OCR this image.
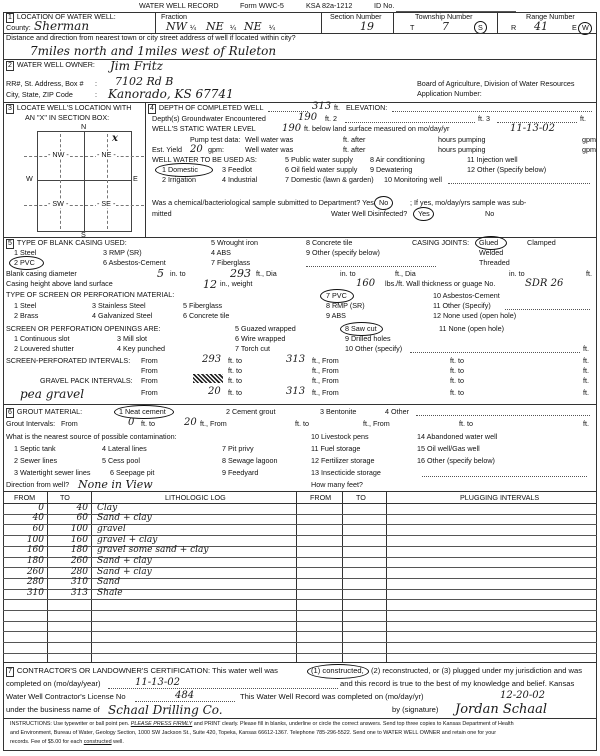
WATER WELL RECORD	Form WWC-5	KSA 82a-1212	ID No.
1 LOCATION OF WATER WELL:
County: Sherman
Fraction
NW ¼ NE ¼ NE ¼
Section Number
19
Township Number
T	7	S
Range Number
R 41	E W
Distance and direction from nearest town or city street address of well if located within city?
7miles north and 1miles west of Ruleton
2 WATER WELL OWNER: Jim Fritz
RR#, St. Address, Box # : 7102 Rd B
City, State, ZIP Code	: Kanorado, KS 67741
Board of Agriculture, Division of Water Resources
Application Number:
3 LOCATE WELL'S LOCATION WITH
AN "X" IN SECTION BOX:
N
S
W	E
- NW -	- NE -
- SW -	- SE -
x
4 DEPTH OF COMPLETED WELL	313 ft. ELEVATION:
Depth(s) Groundwater Encountered	190 ft. 2	ft. 3	ft.
WELL'S STATIC WATER LEVEL	190 ft. below land surface measured on mo/day/yr	11-13-02
Pump test data: Well water was	ft. after	hours pumping	gpm
Est. Yield 20 gpm:	Well water was	ft. after	hours pumping	gpm
WELL WATER TO BE USED AS:	5 Public water supply 8 Air conditioning	11 Injection well
1 Domestic	3 Feedlot	6 Oil field water supply 9 Dewatering	12 Other (Specify below)
2 Irrigation	4 Industrial	7 Domestic (lawn & garden) 10 Monitoring well
Was a chemical/bacteriological sample submitted to Department? Yes No	; If yes, mo/day/yrs sample was sub-
mitted	Water Well Disinfected? Yes	No
5 TYPE OF BLANK CASING USED:	5 Wrought iron	8 Concrete tile	CASING JOINTS: Glued	Clamped
1 Steel	3 RMP (SR)	4 ABS	9 Other (specify below)	Welded
2 PVC	6 Asbestos-Cement	7 Fiberglass	Threaded
Blank casing diameter	5 in. to	293 ft., Dia	in. to	ft., Dia	in. to	ft.
Casing height above land surface	12 in., weight	160 lbs./ft. Wall thickness or guage No.	SDR 26
TYPE OF SCREEN OR PERFORATION MATERIAL:	7 PVC	10 Asbestos-Cement
1 Steel	3 Stainless Steel	5 Fiberglass	8 RMP (SR)	11 Other (Specify)
2 Brass	4 Galvanized Steel	6 Concrete tile	9 ABS	12 None used (open hole)
SCREEN OR PERFORATION OPENINGS ARE:	5 Guazed wrapped	8 Saw cut	11 None (open hole)
1 Continuous slot	3 Mill slot	6 Wire wrapped	9 Drilled holes
2 Louvered shutter	4 Key punched	7 Torch cut	10 Other (specify)	ft.
SCREEN-PERFORATED INTERVALS: From	293 ft. to	313 ft., From	ft. to	ft.
From	ft. to	ft., From	ft. to	ft.
GRAVEL PACK INTERVALS: From	ft. to	ft., From	ft. to	ft.
pea gravel	From	20 ft. to	313 ft., From	ft. to	ft.
6 GROUT MATERIAL:	1 Neat cement	2 Cement grout	3 Bentonite	4 Other
Grout Intervals: From	0 ft. to	20 ft., From	ft. to	ft., From	ft. to	ft.
What is the nearest source of possible contamination:	10 Livestock pens	14 Abandoned water well
1 Septic tank	4 Lateral lines	7 Pit privy	11 Fuel storage	15 Oil well/Gas well
2 Sewer lines	5 Cess pool	8 Sewage lagoon	12 Fertilizer storage	16 Other (specify below)
3 Watertight sewer lines	6 Seepage pit	9 Feedyard	13 Insecticide storage
Direction from well? None in View	How many feet?
FROM	TO	LITHOLOGIC LOG	FROM	TO	PLUGGING INTERVALS
0	40 Clay
40	60 Sand + clay
60	100 gravel
100	160 gravel + clay
160	180 gravel some sand + clay
180	260 Sand + clay
260	280 Sand + clay
280	310 Sand
310	313 Shale
7 CONTRACTOR'S OR LANDOWNER'S CERTIFICATION: This water well was	(1) constructed, (2) reconstructed, or (3) plugged under my jurisdiction and was
completed on (mo/day/year)	11-13-02	and this record is true to the best of my knowledge and belief. Kansas
Water Well Contractor's License No	484	This Water Well Record was completed on (mo/day/yr)	12-20-02
under the business name of Schaal Drilling Co.	by (signature) Jordan Schaal
INSTRUCTIONS: Use typewriter or ball point pen. PLEASE PRESS FIRMLY and PRINT clearly. Please fill in blanks, underline or circle the correct answers. Send top three copies to Kansas Department of Health
and Environment, Bureau of Water, Geology Section, 1000 SW Jackson St., Suite 420, Topeka, Kansas 66612-1367. Telephone 785-296-5522. Send one to WATER WELL OWNER and retain one for your
records. Fee of $5.00 for each constructed well.
